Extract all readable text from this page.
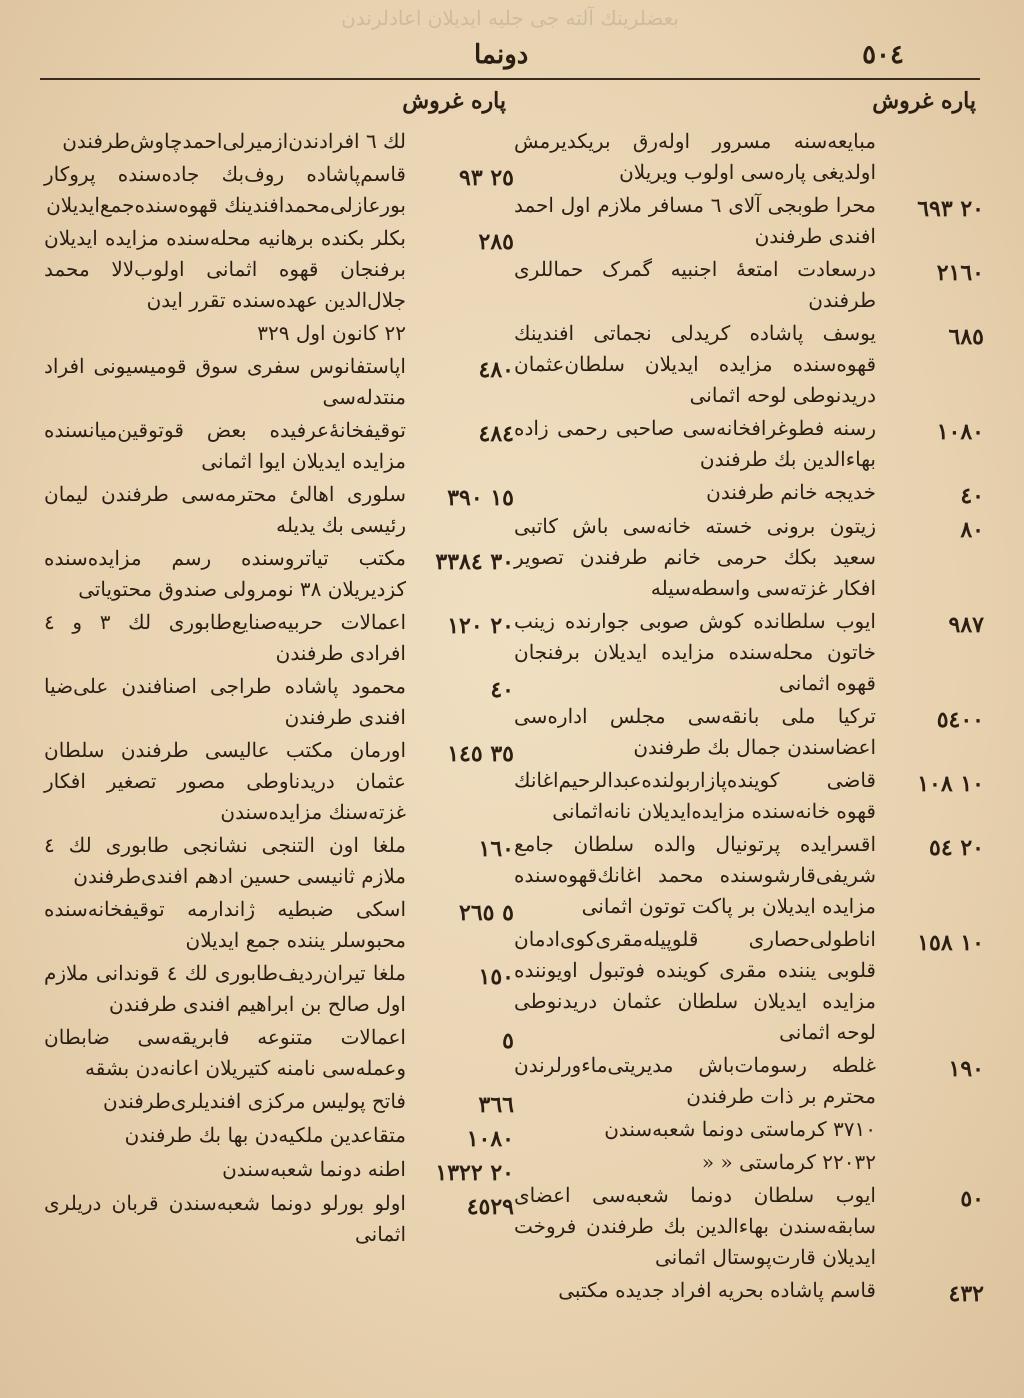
بعضلرینك آلته جی جلیه ایدیلان اعادلرندن
٥٠٤
دونما
پاره غروش
مبایعه‌سنه مسرور اوله‌رق بریکدیرمش اولدیغی پاره‌سی اولوب ویریلان
٢٠ ٦٩٣
محرا طوبجی آلای ٦ مسافر ملازم اول احمد افندی طرفندن
٢١٦٠
درسعادت امتعهٔ اجنبیه گمرک حماللری طرفندن
٦٨٥
یوسف پاشاده کریدلی نجماتی افندینك قهوه‌سنده مزایده ایدیلان سلطان‌عثمان دریدنوطی لوحه اثمانی
١٠٨٠
رسنه فطوغرافخانه‌سی صاحبی رحمی زاده بهاءالدین بك طرفندن
٤٠
خدیجه خانم طرفندن
٨٠
زیتون برونی خسته خانه‌سی باش کاتبی سعید بکك حرمی خانم طرفندن تصویر افکار غزته‌سی واسطه‌سیله
٩٨٧
ایوب سلطانده کوش صوبی جوارنده زینب خاتون محله‌سنده مزایده ایدیلان برفنجان قهوه اثمانی
٥٤٠٠
ترکیا ملی بانقه‌سی مجلس اداره‌سی اعضاسندن جمال بك طرفندن
١٠ ١٠٨
قاضی کوینده‌پازاربولنده‌عبدالرحیم‌اغانك قهوه خانه‌سنده مزایده‌ایدیلان نانه‌اثمانی
٢٠ ٥٤
اقسرایده پرتونیال والده سلطان جامع شریفی‌قارشوسنده محمد اغانك‌قهوه‌سنده مزایده ایدیلان بر پاکت توتون اثمانی
١٠ ١٥٨
اناطولی‌حصاری قلوپیله‌مقری‌کوی‌ادمان قلوبی یننده مقری کوینده فوتبول اویوننده مزایده ایدیلان سلطان عثمان دریدنوطی لوحه اثمانی
١٩٠
غلطه رسومات‌باش مدیریتی‌ماءورلرندن محترم بر ذات طرفندن
٣٧١٠ کرماستی دونما شعبه‌سندن
٢٢٠٣٢ کرماستی « «
٥٠
ایوب سلطان دونما شعبه‌سی اعضای سابقه‌سندن بهاءالدین بك طرفندن فروخت ایدیلان قارت‌پوستال اثمانی
٤٣٢
قاسم پاشاده بحریه افراد جدیده مکتبی
پاره غروش
لك ٦ افرادندن‌ازمیرلی‌احمدچاوش‌طرفندن
٢٥ ٩٣
قاسم‌پاشاده روف‌بك جاده‌سنده پروکار بورعازلی‌محمدافندینك قهوه‌سنده‌جمع‌ایدیلان
٢٨٥
بکلر بکنده برهانیه محله‌سنده مزایده ایدیلان برفنجان قهوه اثمانی اولوب‌لالا محمد جلال‌الدین عهده‌سنده تقرر ایدن
٢٢ کانون اول ٣٢٩
٤٨٠
اپاستفانوس سفری سوق قومیسیونی افراد منتدله‌سی
٤٨٤
توقیفخانهٔ‌عرفیده بعض قوتوقین‌میانسنده مزایده ایدیلان ایوا اثمانی
١٥ ٣٩٠
سلوری اهالیٔ محترمه‌سی طرفندن لیمان رئیسی بك یدیله
٣٠ ٣٣٨٤
مکتب تیاتروسنده رسم مزایده‌سنده کزدیریلان ٣٨ نومرولی صندوق محتویاتی
٢٠ ١٢٠
اعمالات حربیه‌صنایع‌طابوری لك ٣ و ٤ افرادی طرفندن
٤٠
محمود پاشاده طراجی اصنافندن علی‌ضیا افندی طرفندن
٣٥ ١٤٥
اورمان مکتب عالیسی طرفندن سلطان عثمان دریدناوطی مصور تصغیر افکار غزته‌سنك مزایده‌سندن
١٦٠
ملغا اون التنجی نشانجی طابوری لك ٤ ملازم ثانیسی حسین ادهم افندی‌طرفندن
٥ ٢٦٥
اسکی ضبطیه ژاندارمه توقیفخانه‌سنده محبوسلر یننده جمع ایدیلان
١٥٠
ملغا تیران‌ردیف‌طابوری لك ٤ قوندانی ملازم اول صالح بن ابراهیم افندی طرفندن
٥
اعمالات متنوعه فابریقه‌سی ضابطان وعمله‌سی نامنه کتیریلان اعانه‌دن بشقه
٣٦٦
فاتح پولیس مرکزی افندیلری‌طرفندن
١٠٨٠
متقاعدین ملکیه‌دن بها بك طرفندن
٢٠ ١٣٢٢
اطنه دونما شعبه‌سندن
٤٥٢٩
اولو بورلو دونما شعبه‌سندن قربان دریلری اثمانی
